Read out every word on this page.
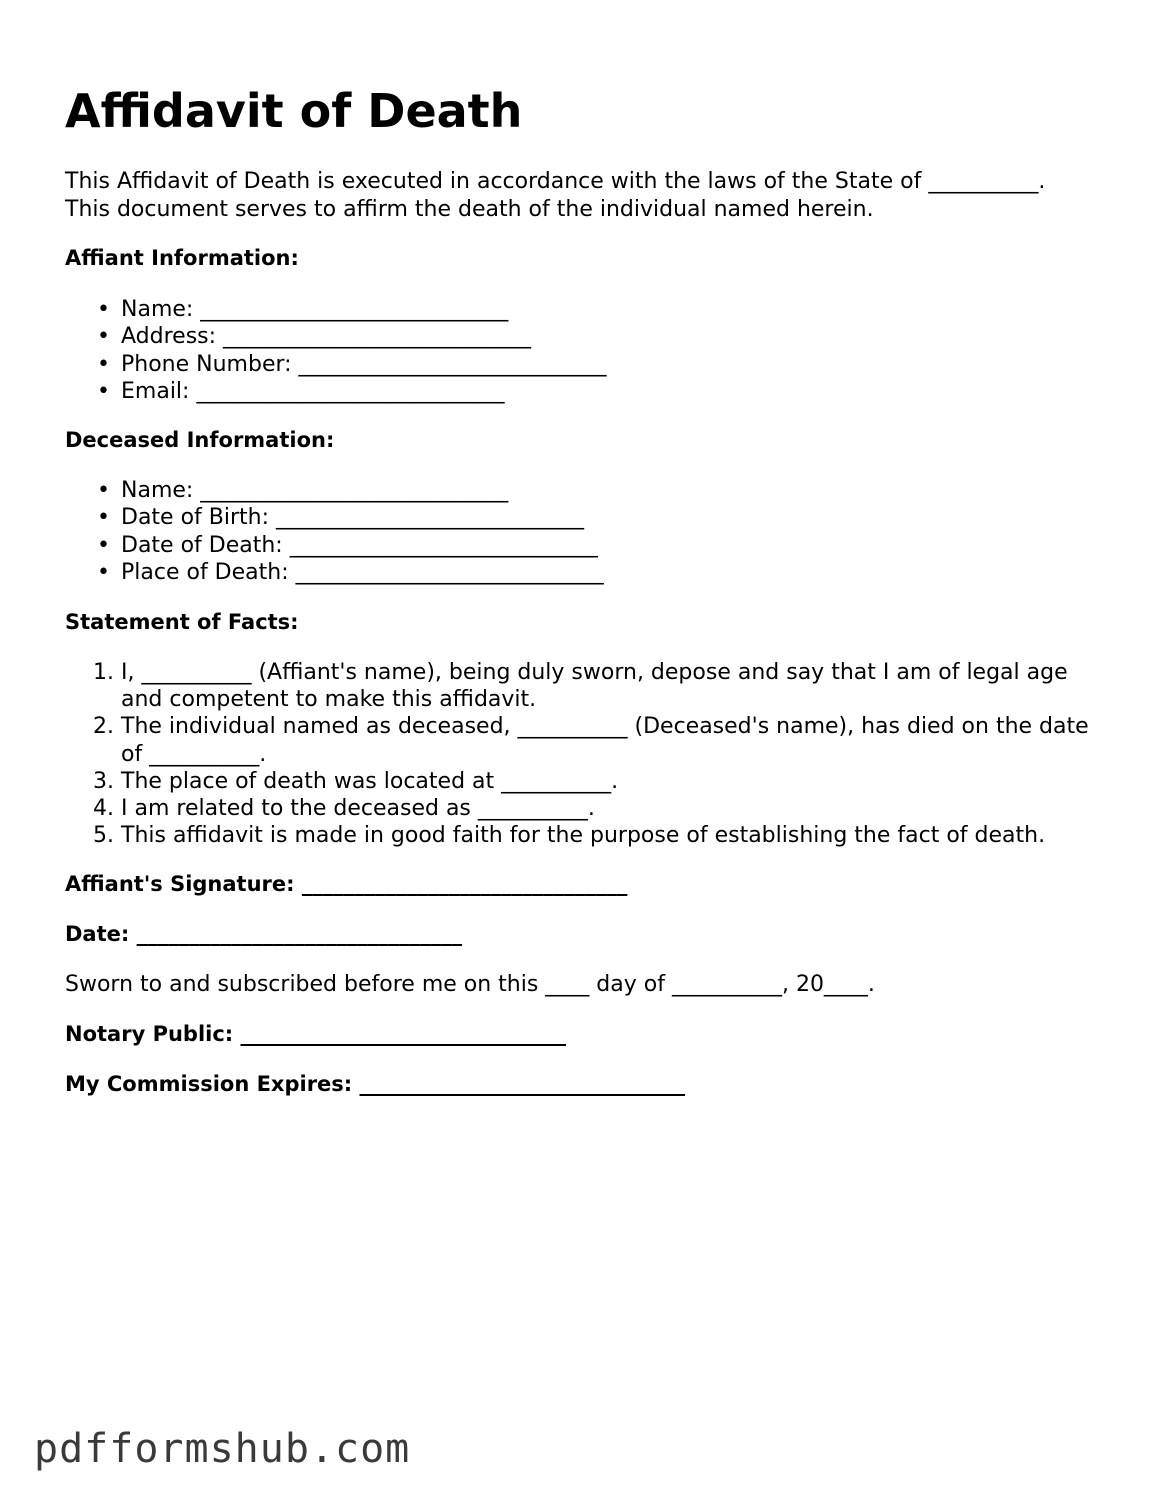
Affidavit of Death

This Affidavit of Death is executed in accordance with the laws of the State of __________.

This document serves to affirm the death of the individual named herein.

Affiant Information:
• Name: ____________________________
• Address: ____________________________
• Phone Number: ____________________________
• Email: ____________________________
Deceased Information:
• Name: ____________________________
• Date of Birth: ____________________________
• Date of Death: ____________________________
• Place of Death: ____________________________
Statement of Facts:
1. I, __________ (Affiant's name), being duly sworn, depose and say that I am of legal age and competent to make this affidavit.
2. The individual named as deceased, __________ (Deceased's name), has died on the date of __________.
3. The place of death was located at __________.
4. I am related to the deceased as __________.
5. This affidavit is made in good faith for the purpose of establishing the fact of death.
Affiant's Signature: _______________________________
Date: _______________________________
Sworn to and subscribed before me on this ____ day of __________, 20____.
Notary Public: _______________________________
My Commission Expires: _______________________________
pdfformshub.com
